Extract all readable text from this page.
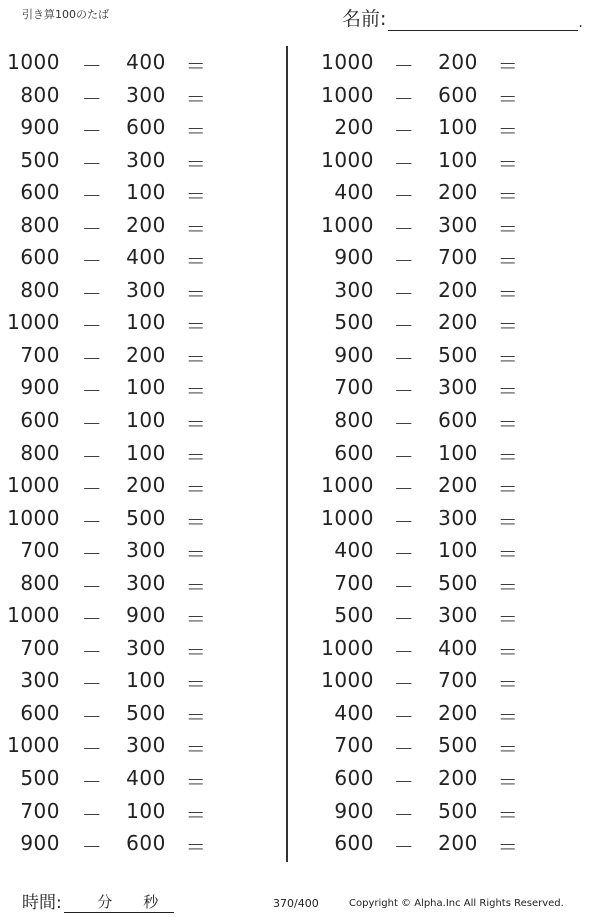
引き算100のたば	名前:	.
1000 －	400 ＝
800 －	300 ＝
900 －	600 ＝
500 －	300 ＝
600 －	100 ＝
800 －	200 ＝
600 －	400 ＝
800 －	300 ＝
1000 －	100 ＝
700 －	200 ＝
900 －	100 ＝
600 －	100 ＝
800 －	100 ＝
1000 －	200 ＝
1000 －	500 ＝
700 －	300 ＝
800 －	300 ＝
1000 －	900 ＝
700 －	300 ＝
300 －	100 ＝
600 －	500 ＝
1000 －	300 ＝
500 －	400 ＝
700 －	100 ＝
900 －	600 ＝
1000 －	200 ＝
1000 －	600 ＝
200 －	100 ＝
1000 －	100 ＝
400 －	200 ＝
1000 －	300 ＝
900 －	700 ＝
300 －	200 ＝
500 －	200 ＝
900 －	500 ＝
700 －	300 ＝
800 －	600 ＝
600 －	100 ＝
1000 －	200 ＝
1000 －	300 ＝
400 －	100 ＝
700 －	500 ＝
500 －	300 ＝
1000 －	400 ＝
1000 －	700 ＝
400 －	200 ＝
700 －	500 ＝
600 －	200 ＝
900 －	500 ＝
600 －	200 ＝
時間: 分 秒	370/400	Copyright © Alpha.Inc All Rights Reserved.
